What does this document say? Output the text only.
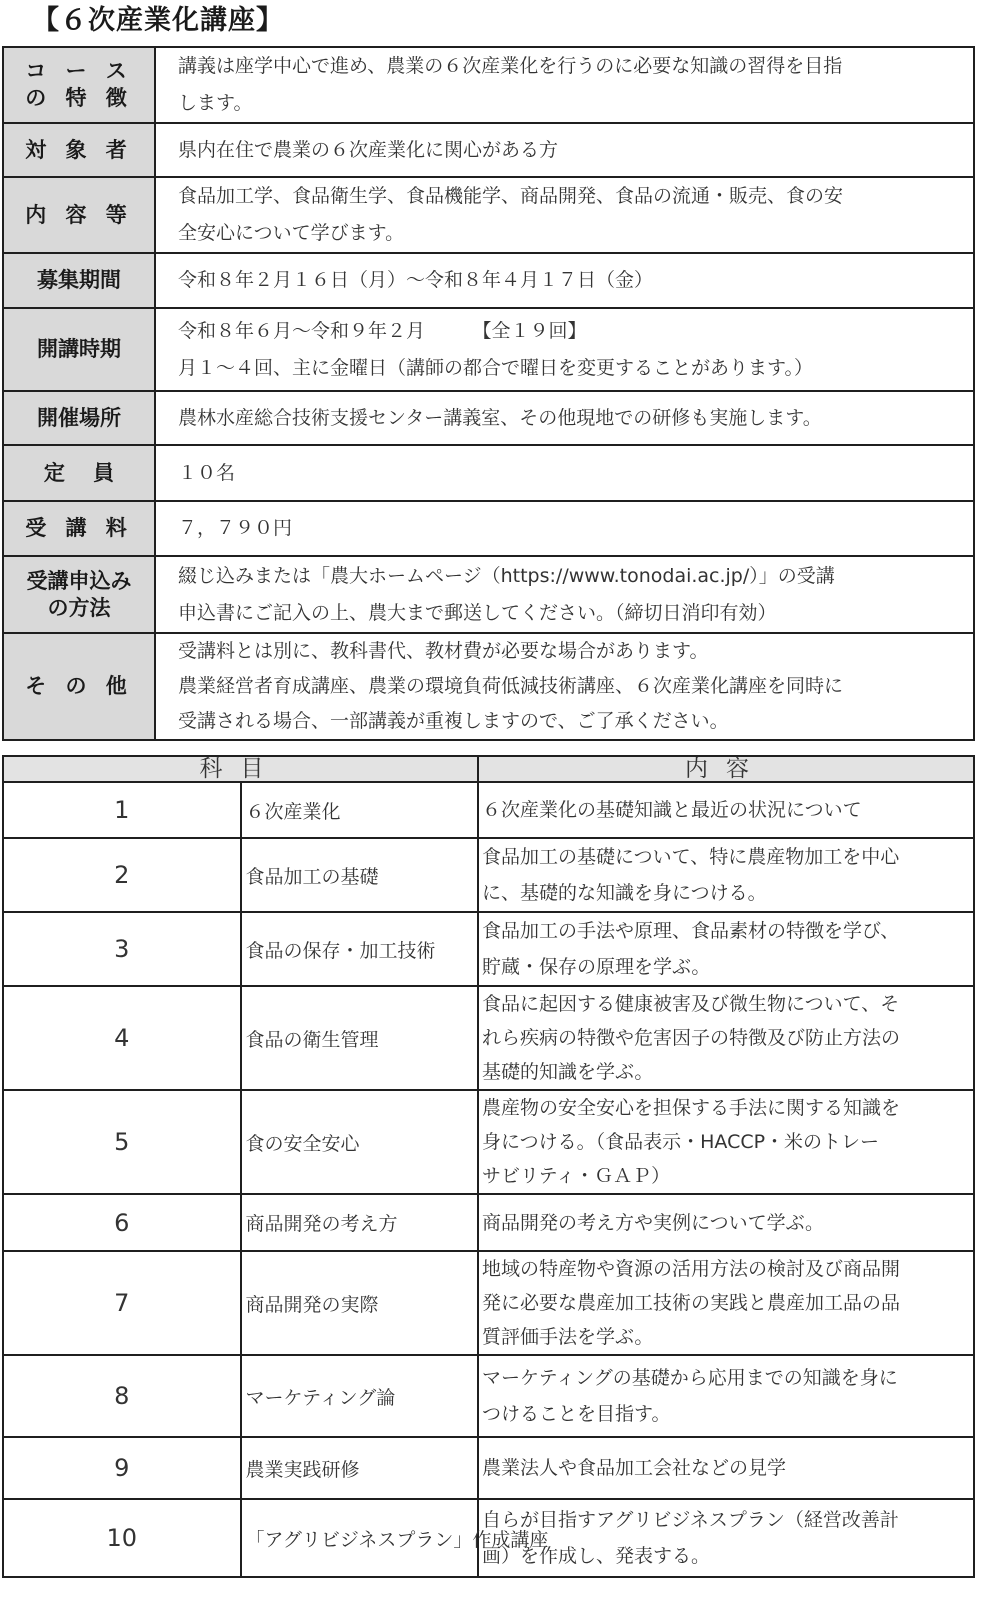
【６次産業化講座】
コ ー ス
の 特 徴	講義は座学中心で進め、農業の６次産業化を行うのに必要な知識の習得を目指
します。

対 象 者	県内在住で農業の６次産業化に関心がある方

内 容 等	食品加工学、食品衛生学、食品機能学、商品開発、食品の流通・販売、食の安
全安心について学びます。

募集期間	令和８年２月１６日（月）～令和８年４月１７日（金）

開講時期	令和８年６月～令和９年２月　　　【全１９回】
月１～４回、主に金曜日（講師の都合で曜日を変更することがあります。）

開催場所	農林水産総合技術支援センター講義室、その他現地での研修も実施します。

定　 員	１０名

受 講 料	７，７９０円

受講申込み
の方法	綴じ込みまたは「農大ホームページ（https://www.tonodai.ac.jp/）」の受講
申込書にご記入の上、農大まで郵送してください。（締切日消印有効）

そ の 他	受講料とは別に、教科書代、教材費が必要な場合があります。
農業経営者育成講座、農業の環境負荷低減技術講座、６次産業化講座を同時に
受講される場合、一部講義が重複しますので、ご了承ください。
科目		内容
1	６次産業化	６次産業化の基礎知識と最近の状況について

2	食品加工の基礎	食品加工の基礎について、特に農産物加工を中心
に、基礎的な知識を身につける。

3	食品の保存・加工技術	食品加工の手法や原理、食品素材の特徴を学び、
貯蔵・保存の原理を学ぶ。

4	食品の衛生管理	食品に起因する健康被害及び微生物について、そ
れら疾病の特徴や危害因子の特徴及び防止方法の
基礎的知識を学ぶ。

5	食の安全安心	農産物の安全安心を担保する手法に関する知識を
身につける。（食品表示・HACCP・米のトレー
サビリティ・ＧＡＰ）

6	商品開発の考え方	商品開発の考え方や実例について学ぶ。

7	商品開発の実際	地域の特産物や資源の活用方法の検討及び商品開
発に必要な農産加工技術の実践と農産加工品の品
質評価手法を学ぶ。

8	マーケティング論	マーケティングの基礎から応用までの知識を身に
つけることを目指す。

9	農業実践研修	農業法人や食品加工会社などの見学

10	「アグリビジネスプラン」作成講座	自らが目指すアグリビジネスプラン（経営改善計
画）を作成し、発表する。
